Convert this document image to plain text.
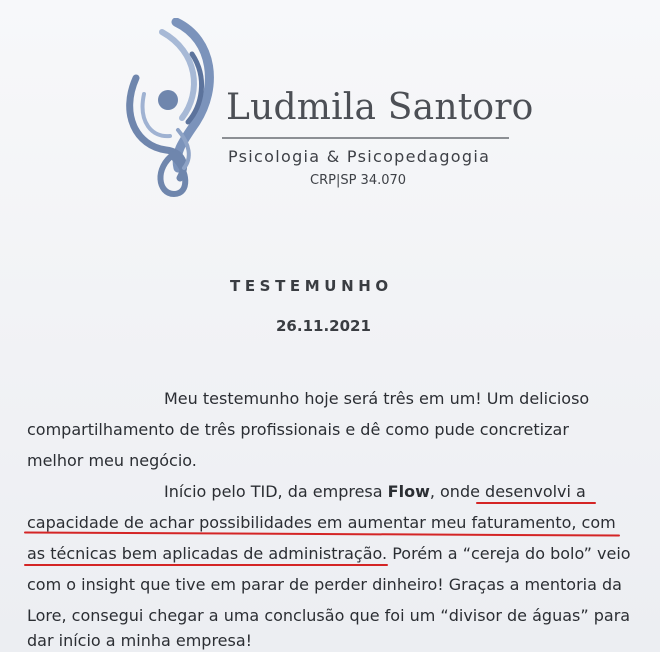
Ludmila Santoro
Psicologia & Psicopedagogia
CRP|SP 34.070
TESTEMUNHO
26.11.2021
Meu testemunho hoje será três em um! Um delicioso
compartilhamento de três profissionais e dê como pude concretizar
melhor meu negócio.
Início pelo TID, da empresa Flow, onde desenvolvi a
capacidade de achar possibilidades em aumentar meu faturamento, com
as técnicas bem aplicadas de administração. Porém a “cereja do bolo” veio
com o insight que tive em parar de perder dinheiro! Graças a mentoria da
Lore, consegui chegar a uma conclusão que foi um “divisor de águas” para
dar início a minha empresa!
